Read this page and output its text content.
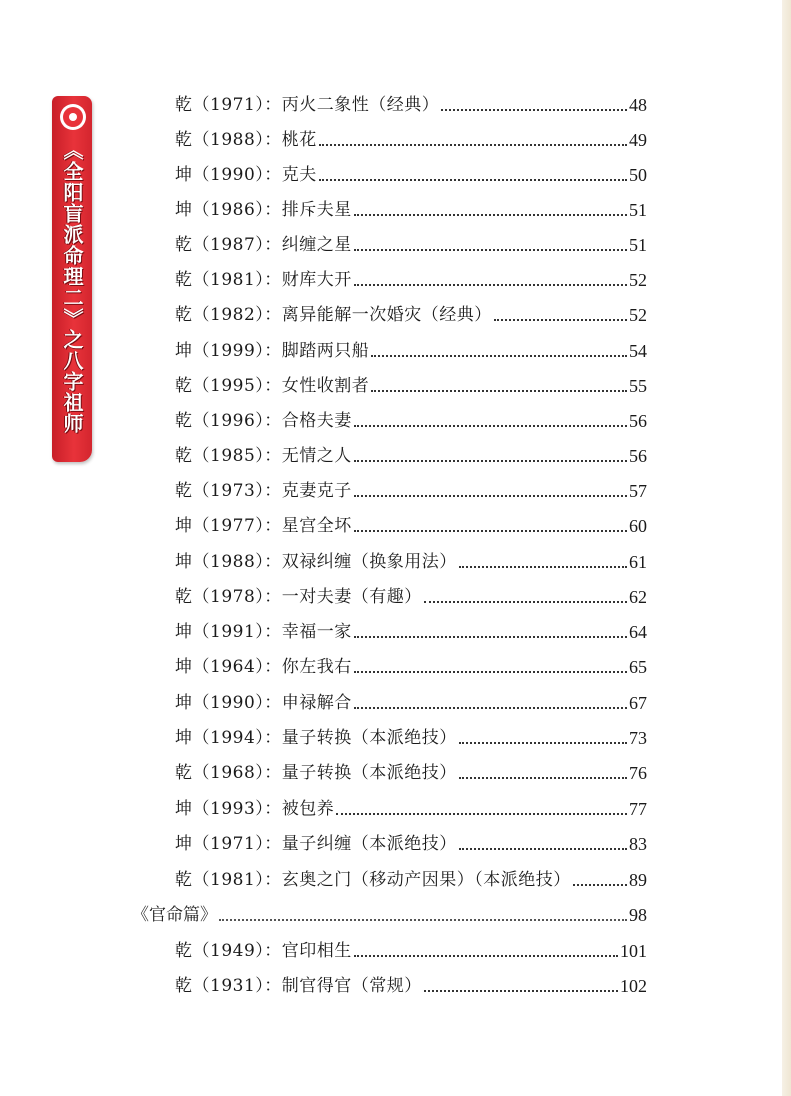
《全阳盲派命理二》之八字祖师
乾（1971）：丙火二象性（经典）	48
乾（1988）：桃花	49
坤（1990）：克夫	50
坤（1986）：排斥夫星	51
乾（1987）：纠缠之星	51
乾（1981）：财库大开	52
乾（1982）：离异能解一次婚灾（经典）	52
坤（1999）：脚踏两只船	54
乾（1995）：女性收割者	55
乾（1996）：合格夫妻	56
乾（1985）：无情之人	56
乾（1973）：克妻克子	57
坤（1977）：星宫全坏	60
坤（1988）：双禄纠缠（换象用法）	61
乾（1978）：一对夫妻（有趣）	62
坤（1991）：幸福一家	64
坤（1964）：你左我右	65
坤（1990）：申禄解合	67
坤（1994）：量子转换（本派绝技）	73
乾（1968）：量子转换（本派绝技）	76
坤（1993）：被包养	77
坤（1971）：量子纠缠（本派绝技）	83
乾（1981）：玄奥之门（移动产因果）（本派绝技）	89
《官命篇》	98
乾（1949）：官印相生	101
乾（1931）：制官得官（常规）	102
